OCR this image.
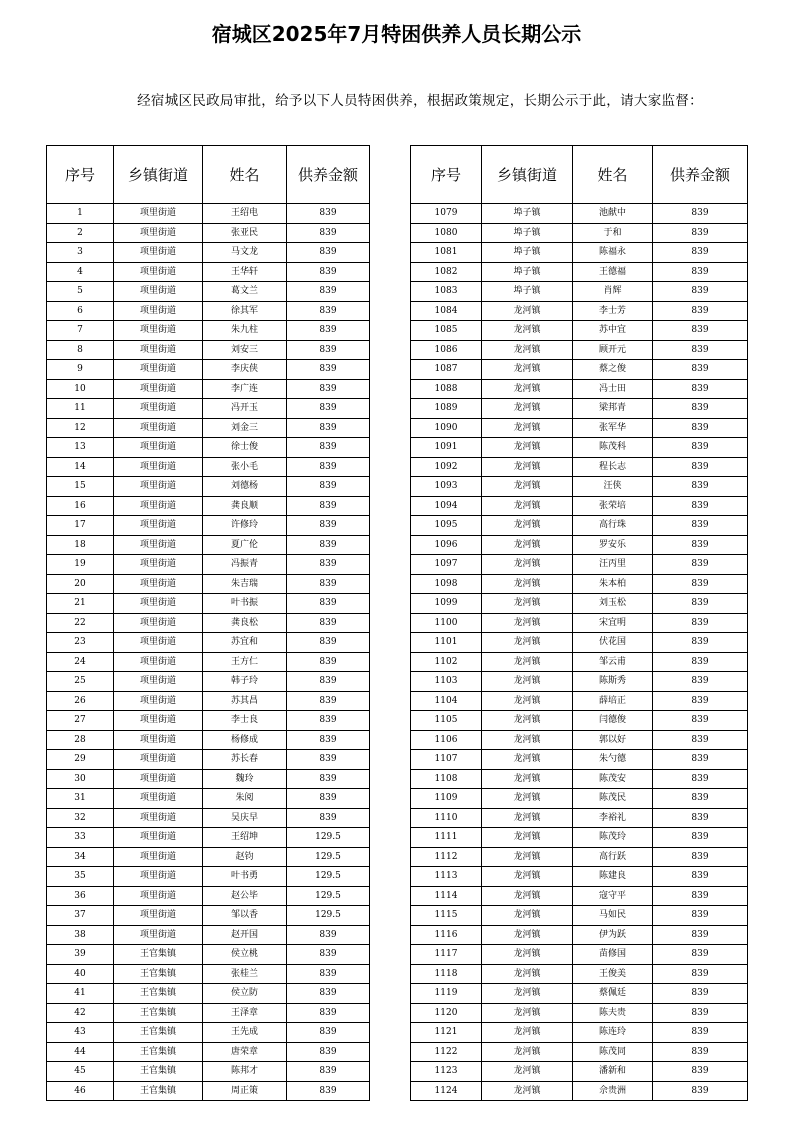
宿城区2025年7月特困供养人员长期公示
经宿城区民政局审批，给予以下人员特困供养，根据政策规定，长期公示于此，请大家监督：
序号	乡镇街道	姓名	供养金额
1	项里街道	王绍电	839
2	项里街道	张亚民	839
3	项里街道	马文龙	839
4	项里街道	王华轩	839
5	项里街道	葛文兰	839
6	项里街道	徐其军	839
7	项里街道	朱九柱	839
8	项里街道	刘安三	839
9	项里街道	李庆侠	839
10	项里街道	李广连	839
11	项里街道	冯开玉	839
12	项里街道	刘金三	839
13	项里街道	徐士俊	839
14	项里街道	张小毛	839
15	项里街道	刘德杨	839
16	项里街道	龚良顺	839
17	项里街道	许修玲	839
18	项里街道	夏广伦	839
19	项里街道	冯振青	839
20	项里街道	朱吉瑞	839
21	项里街道	叶书振	839
22	项里街道	龚良松	839
23	项里街道	苏宜和	839
24	项里街道	王方仁	839
25	项里街道	韩子玲	839
26	项里街道	苏其昌	839
27	项里街道	李士良	839
28	项里街道	杨修成	839
29	项里街道	苏长春	839
30	项里街道	魏玲	839
31	项里街道	朱阅	839
32	项里街道	吴庆早	839
33	项里街道	王绍坤	129.5
34	项里街道	赵钧	129.5
35	项里街道	叶书勇	129.5
36	项里街道	赵公毕	129.5
37	项里街道	邹以香	129.5
38	项里街道	赵开国	839
39	王官集镇	侯立桃	839
40	王官集镇	张桂兰	839
41	王官集镇	侯立防	839
42	王官集镇	王泽章	839
43	王官集镇	王先成	839
44	王官集镇	唐荣章	839
45	王官集镇	陈邦才	839
46	王官集镇	周正策	839
序号	乡镇街道	姓名	供养金额
1079	埠子镇	池献中	839
1080	埠子镇	于和	839
1081	埠子镇	陈福永	839
1082	埠子镇	王德福	839
1083	埠子镇	肖辉	839
1084	龙河镇	李士芳	839
1085	龙河镇	苏中宜	839
1086	龙河镇	顾开元	839
1087	龙河镇	蔡之俊	839
1088	龙河镇	冯士田	839
1089	龙河镇	梁邦青	839
1090	龙河镇	张军华	839
1091	龙河镇	陈茂科	839
1092	龙河镇	程长志	839
1093	龙河镇	汪侠	839
1094	龙河镇	张荣培	839
1095	龙河镇	高行珠	839
1096	龙河镇	罗安乐	839
1097	龙河镇	汪丙里	839
1098	龙河镇	朱本柏	839
1099	龙河镇	刘玉松	839
1100	龙河镇	宋宜明	839
1101	龙河镇	伏花国	839
1102	龙河镇	邹云甫	839
1103	龙河镇	陈斯秀	839
1104	龙河镇	薛培正	839
1105	龙河镇	闫德俊	839
1106	龙河镇	郭以好	839
1107	龙河镇	朱勺德	839
1108	龙河镇	陈茂安	839
1109	龙河镇	陈茂民	839
1110	龙河镇	李裕礼	839
1111	龙河镇	陈茂玲	839
1112	龙河镇	高行跃	839
1113	龙河镇	陈建良	839
1114	龙河镇	寇守平	839
1115	龙河镇	马如民	839
1116	龙河镇	伊为跃	839
1117	龙河镇	苗修国	839
1118	龙河镇	王俊美	839
1119	龙河镇	蔡佩廷	839
1120	龙河镇	陈夫贵	839
1121	龙河镇	陈连玲	839
1122	龙河镇	陈茂同	839
1123	龙河镇	潘新和	839
1124	龙河镇	佘贵洲	839
